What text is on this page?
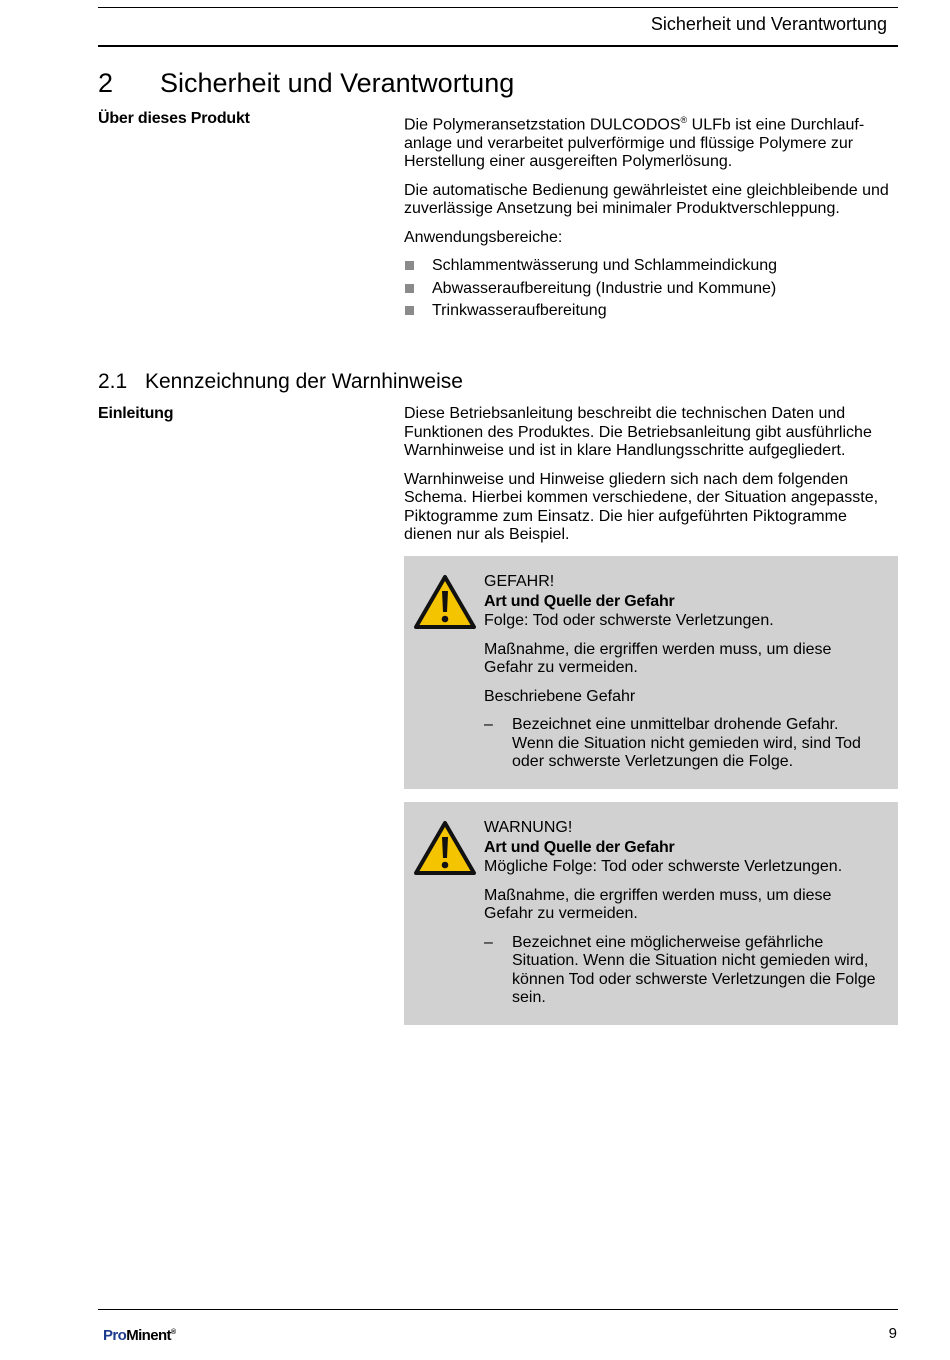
Sicherheit und Verantwortung
2 Sicherheit und Verantwortung
Über dieses Produkt	Die Polymeransetzstation DULCODOS® ULFb ist eine Durchlauf-anlage und verarbeitet pulverförmige und flüssige Polymere zur Herstellung einer ausgereiften Polymerlösung.

Die automatische Bedienung gewährleistet eine gleichbleibende und zuverlässige Ansetzung bei minimaler Produktverschleppung.

Anwendungsbereiche:

Schlammentwässerung und Schlammeindickung
Abwasseraufbereitung (Industrie und Kommune)
Trinkwasseraufbereitung
2.1 Kennzeichnung der Warnhinweise
Einleitung	Diese Betriebsanleitung beschreibt die technischen Daten und Funktionen des Produktes. Die Betriebsanleitung gibt ausführliche Warnhinweise und ist in klare Handlungsschritte aufgegliedert.

Warnhinweise und Hinweise gliedern sich nach dem folgenden Schema. Hierbei kommen verschiedene, der Situation angepasste, Piktogramme zum Einsatz. Die hier aufgeführten Piktogramme dienen nur als Beispiel.

GEFAHR!
Art und Quelle der Gefahr

Folge: Tod oder schwerste Verletzungen.

Maßnahme, die ergriffen werden muss, um diese Gefahr zu vermeiden.

Beschriebene Gefahr

– Bezeichnet eine unmittelbar drohende Gefahr. Wenn die Situation nicht gemieden wird, sind Tod oder schwerste Verletzungen die Folge.
WARNUNG!
Art und Quelle der Gefahr

Mögliche Folge: Tod oder schwerste Verletzungen.

Maßnahme, die ergriffen werden muss, um diese Gefahr zu vermeiden.

– Bezeichnet eine möglicherweise gefährliche Situation. Wenn die Situation nicht gemieden wird, können Tod oder schwerste Verletzungen die Folge sein.
ProMinent®	9
